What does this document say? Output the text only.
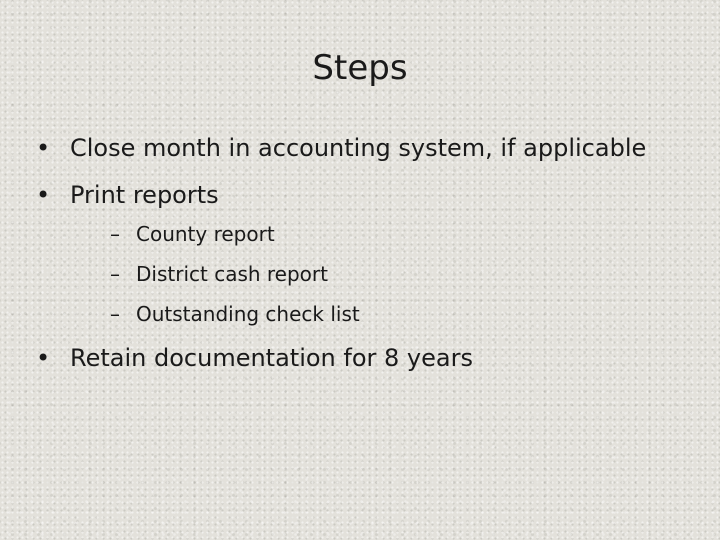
Steps
• Close month in accounting system, if applicable
• Print reports
– County report
– District cash report
– Outstanding check list
• Retain documentation for 8 years
